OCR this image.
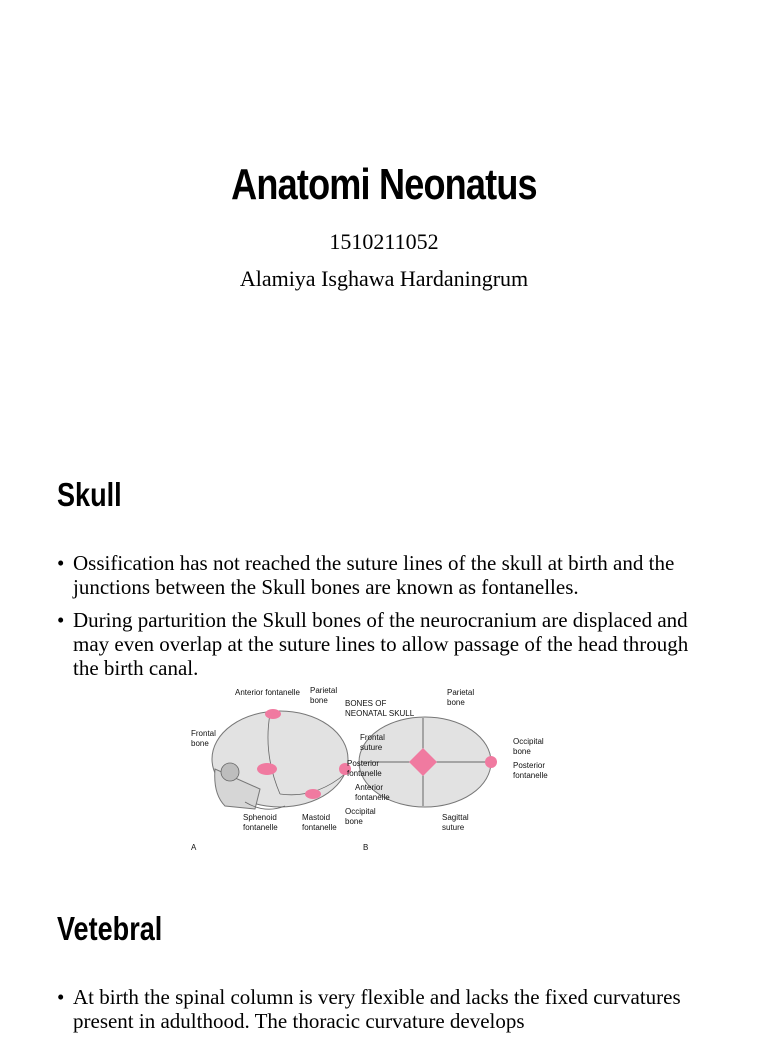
Anatomi Neonatus
1510211052
Alamiya Isghawa Hardaningrum
Skull
• Ossification has not reached the suture lines of the skull at birth and the junctions between the Skull bones are known as fontanelles.
• During parturition the Skull bones of the neurocranium are displaced and may even overlap at the suture lines to allow passage of the head through the birth canal.
Anterior fontanelle Parietal
bone BONES OF
NEONATAL SKULL
Parietal
bone
Frontal
bone
Frontal
suture
Occipital
bone
Posterior
fontanelle
Posterior
fontanelle
Anterior
fontanelle
Occipital
bone
Sphenoid
fontanelle
Mastoid
fontanelle
Sagittal
suture
A	B
Vetebral
• At birth the spinal column is very flexible and lacks the fixed curvatures present in adulthood. The thoracic curvature develops
